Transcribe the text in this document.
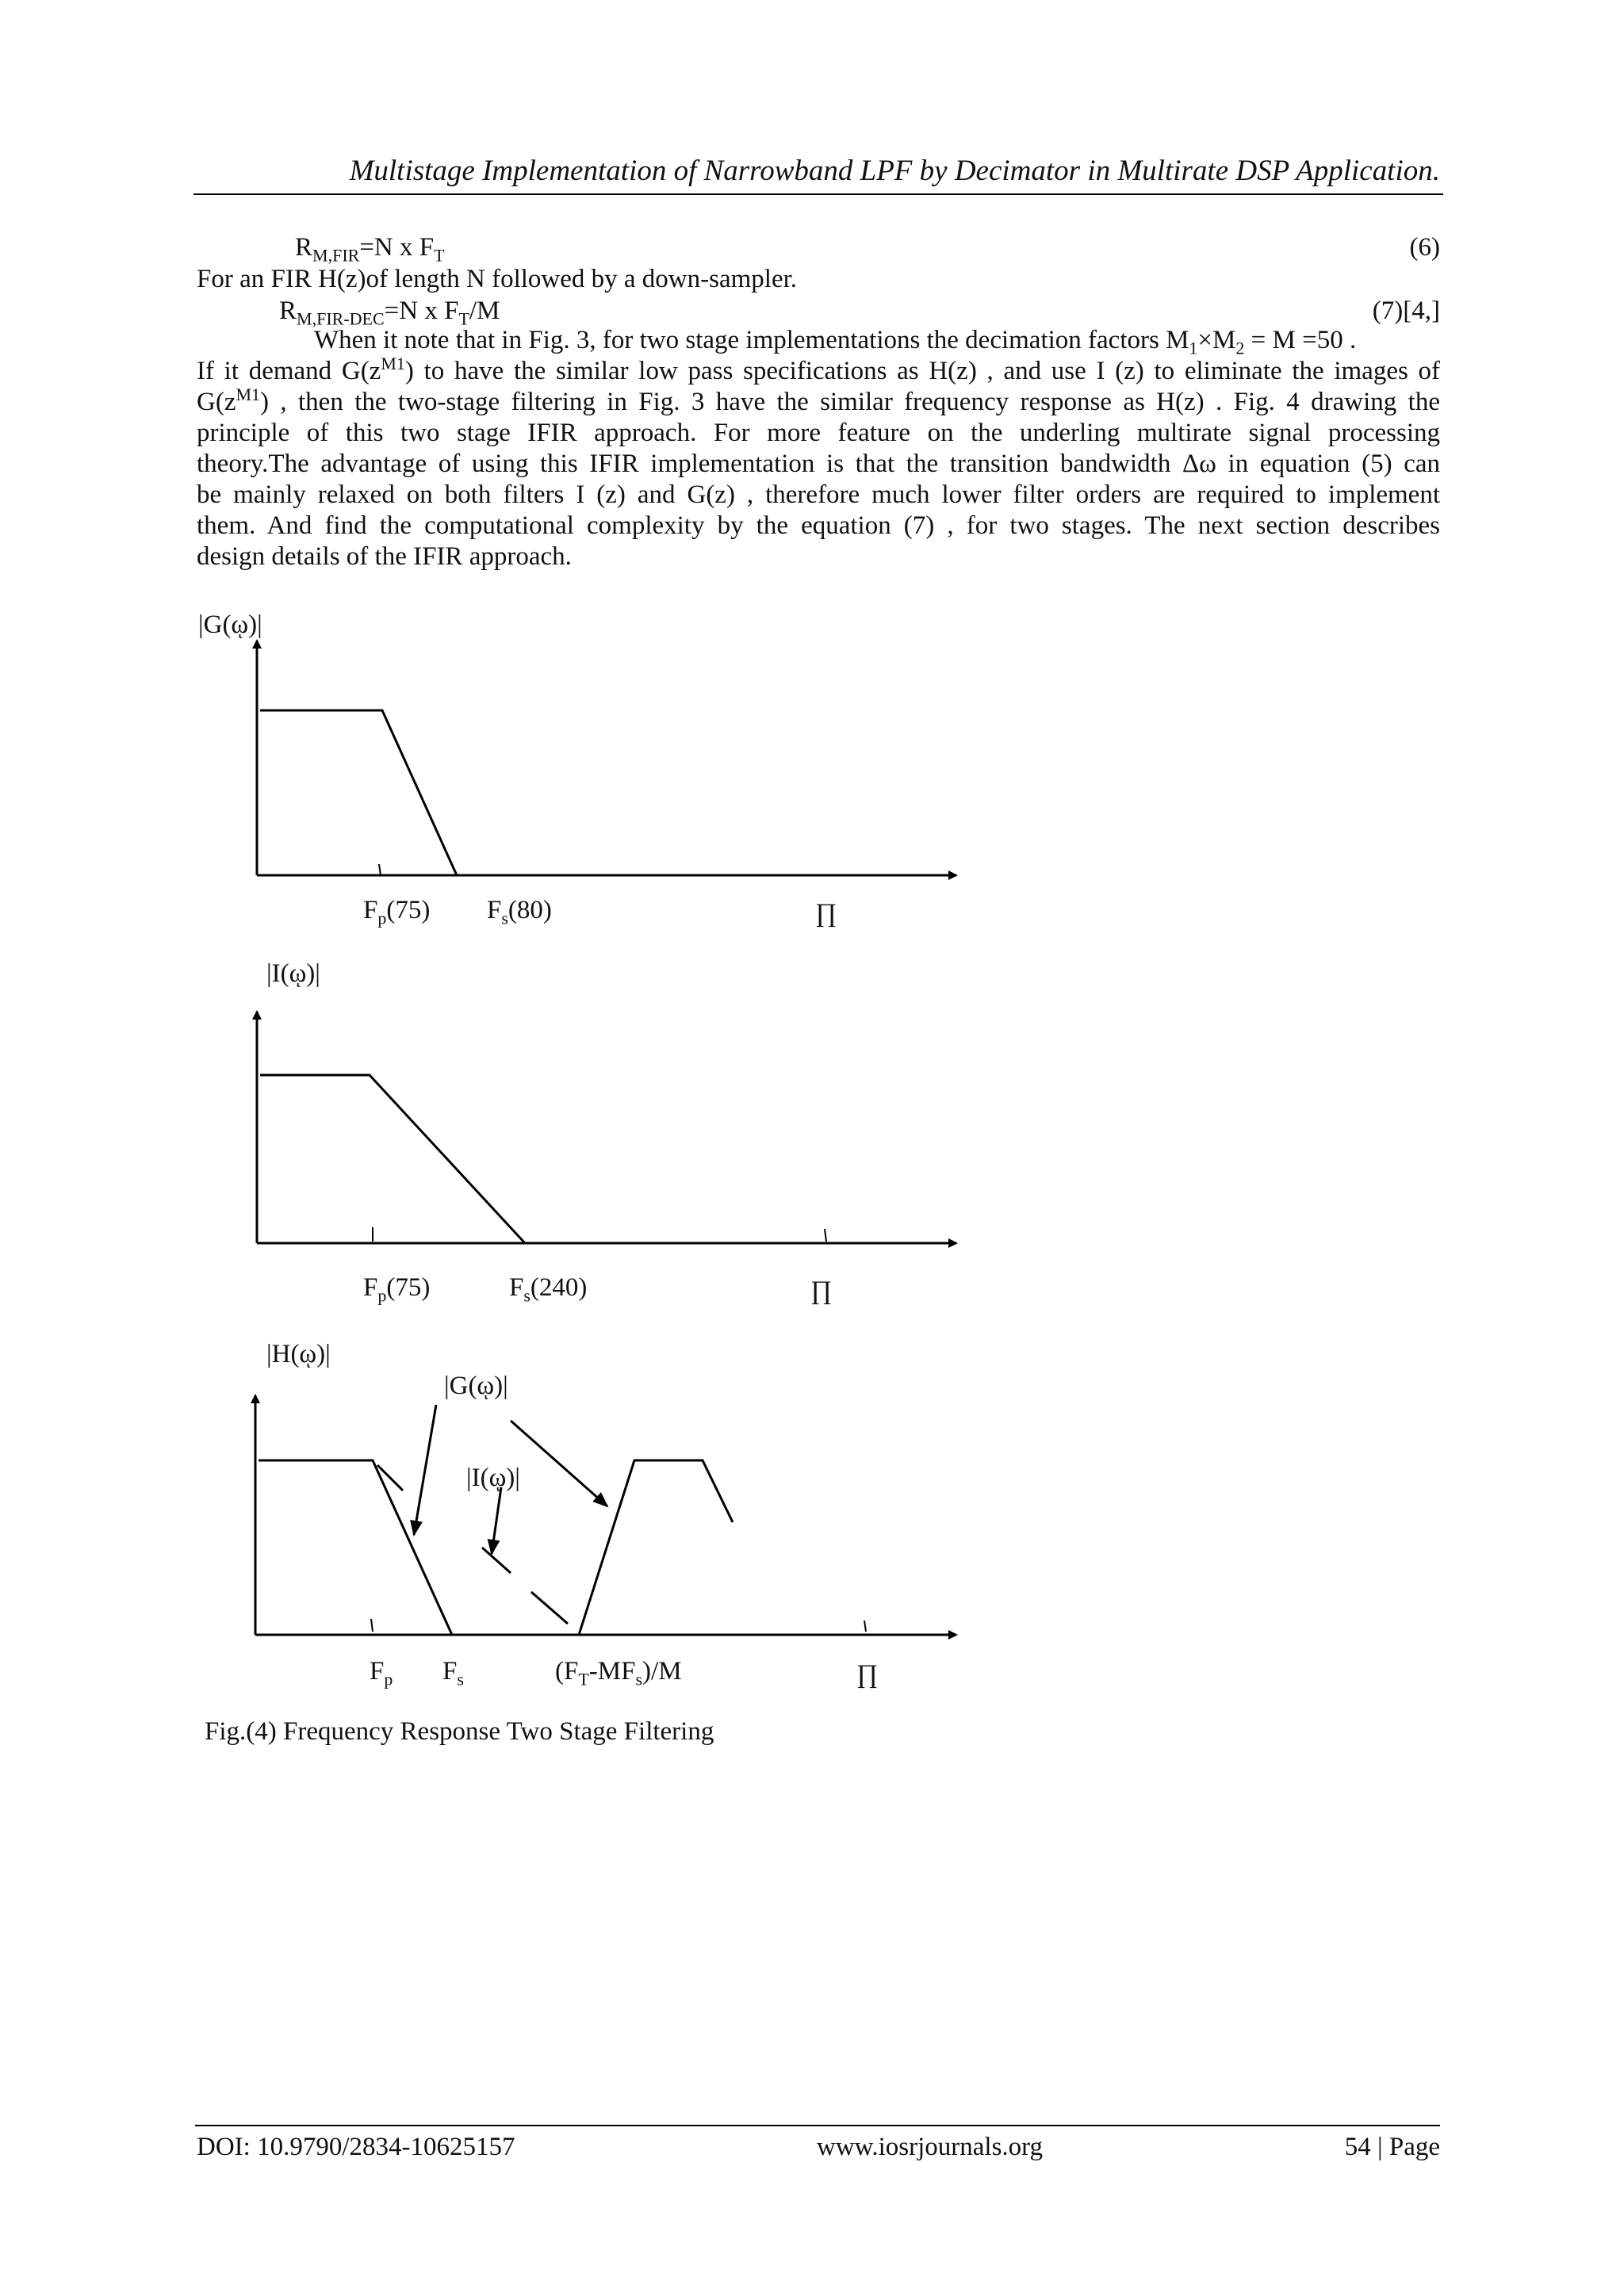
Multistage Implementation of Narrowband LPF by Decimator in Multirate DSP Application.
$R_{M,FIR}=N$ x $F_T$	(6)
For an FIR H(z)of length N followed by a down-sampler.
$R_{M,FIR-DEC}=N$ x $F_T/M$	(7)[4,]
When it note that in Fig. 3, for two stage implementations the decimation factors $M_1\times M_2 = M =50$ .
If it demand $G(z^{M1})$ to have the similar low pass specifications as H(z) , and use I (z) to eliminate the images of
$G(z^{M1})$ , then the two-stage filtering in Fig. 3 have the similar frequency response as H(z) . Fig. 4 drawing the
principle of this two stage IFIR approach. For more feature on the underling multirate signal processing
theory.The advantage of using this IFIR implementation is that the transition bandwidth Δω in equation (5) can
be mainly relaxed on both filters I (z) and G(z) , therefore much lower filter orders are required to implement
them. And find the computational complexity by the equation (7) , for two stages. The next section describes
design details of the IFIR approach.
|G(ῳ)|
$F_p(75)$ $F_s(80)$	∏
|I(ῳ)|
$F_p(75)$	$F_s(240)$	∏
|H(ῳ)|
|G(ῳ)|
|I(ῳ)|
$F_p$ $F_s$	$(F_T-MF_s)/M$	∏
Fig.(4) Frequency Response Two Stage Filtering
DOI: 10.9790/2834-10625157	www.iosrjournals.org	54 | Page
